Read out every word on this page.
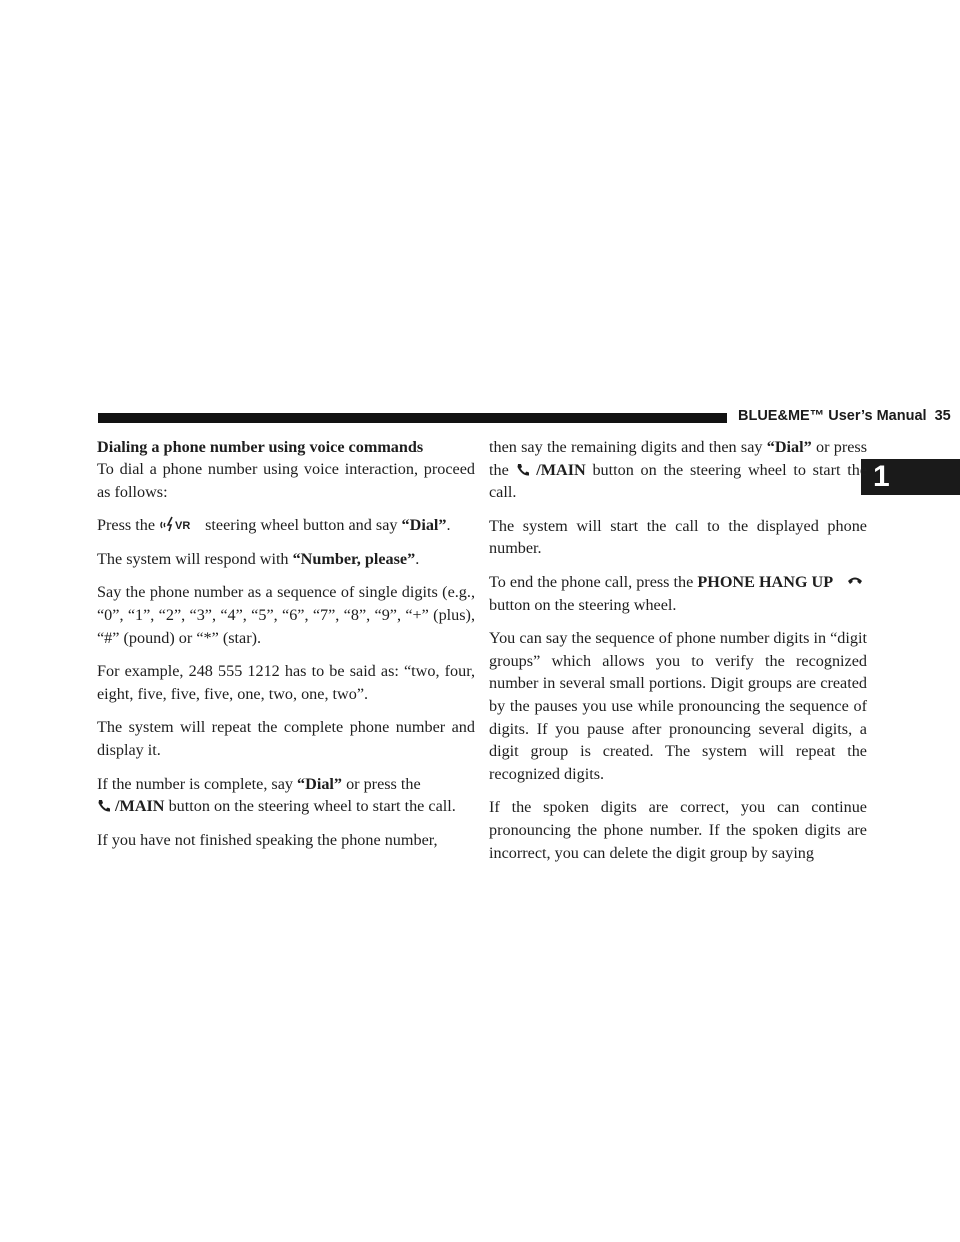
BLUE&ME™ User’s Manual 35
1
Dialing a phone number using voice commands

To dial a phone number using voice interaction, proceed as follows:

Press the VR steering wheel button and say “Dial”.

The system will respond with “Number, please”.

Say the phone number as a sequence of single digits (e.g., “0”, “1”, “2”, “3”, “4”, “5”, “6”, “7”, “8”, “9”, “+” (plus), “#” (pound) or “*” (star).

For example, 248 555 1212 has to be said as: “two, four, eight, five, five, five, one, two, one, two”.

The system will repeat the complete phone number and display it.

If the number is complete, say “Dial” or press the
/MAIN button on the steering wheel to start the call.

If you have not finished speaking the phone number,

then say the remaining digits and then say “Dial” or press the /MAIN button on the steering wheel to start the call.

The system will start the call to the displayed phone number.

To end the phone call, press the PHONE HANG UP
button on the steering wheel.

You can say the sequence of phone number digits in “digit groups” which allows you to verify the recognized number in several small portions. Digit groups are created by the pauses you use while pronouncing the sequence of digits. If you pause after pronouncing several digits, a digit group is created. The system will repeat the recognized digits.

If the spoken digits are correct, you can continue pronouncing the phone number. If the spoken digits are incorrect, you can delete the digit group by saying
